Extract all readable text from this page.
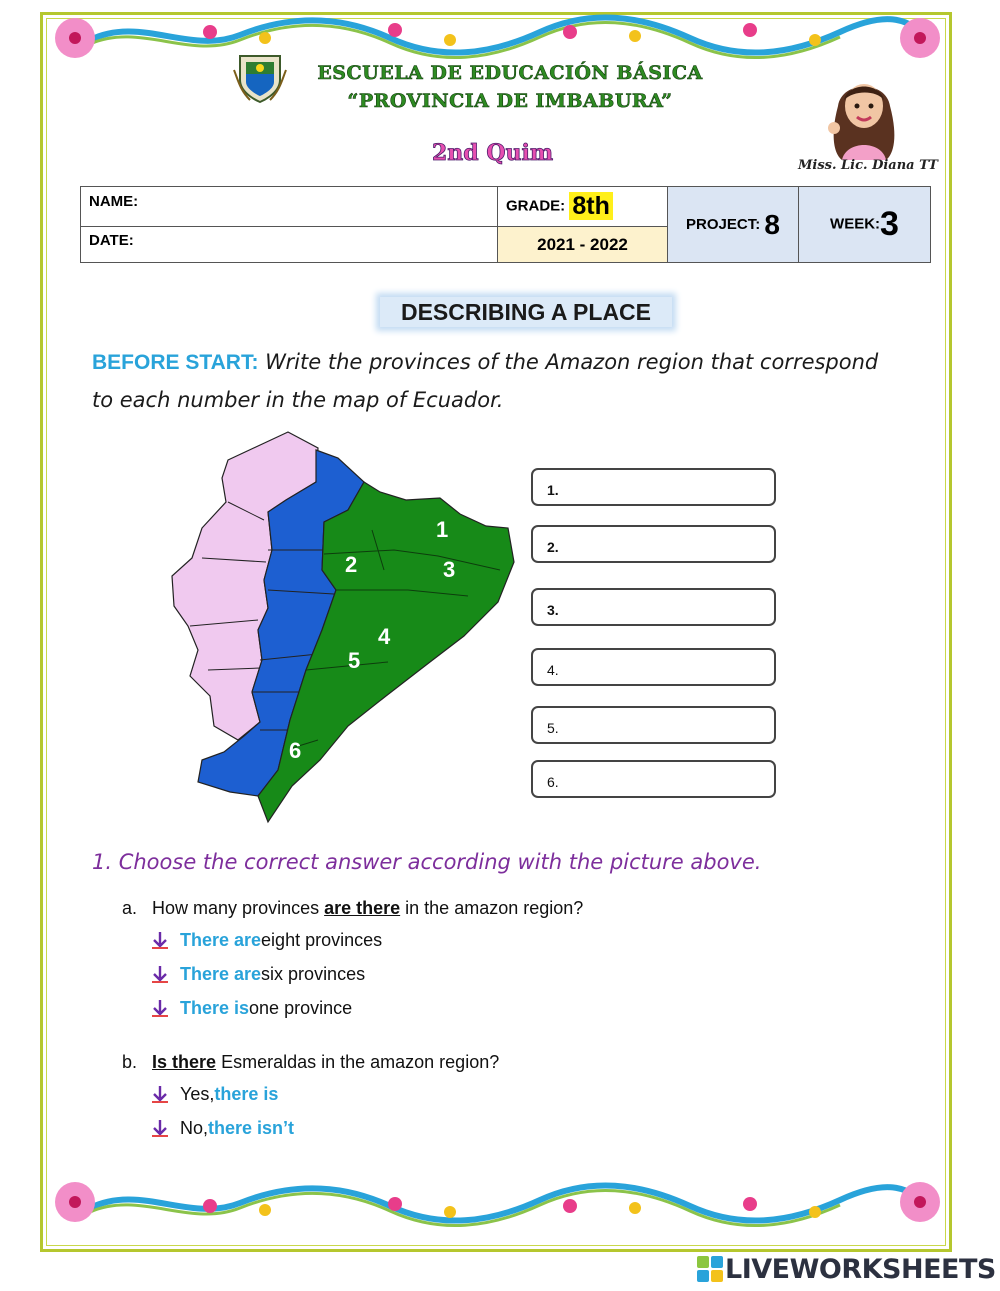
ESCUELA DE EDUCACIÓN BÁSICA
“PROVINCIA DE IMBABURA”
2nd Quim	Miss. Lic. Diana TT
NAME:	GRADE: 8th	PROJECT: 8	WEEK:3
DATE:	2021 - 2022		
DESCRIBING A PLACE
BEFORE START: Write the provinces of the Amazon region that correspond
to each number in the map of Ecuador.
1
2	3
4
5
6
1.
2.
3.
4.
5.
6.
1. Choose the correct answer according with the picture above.
a. How many provinces are there in the amazon region?
There are eight provinces
There are six provinces
There is one province
b. Is there Esmeraldas in the amazon region?
Yes, there is
No, there isn’t
LIVEWORKSHEETS
